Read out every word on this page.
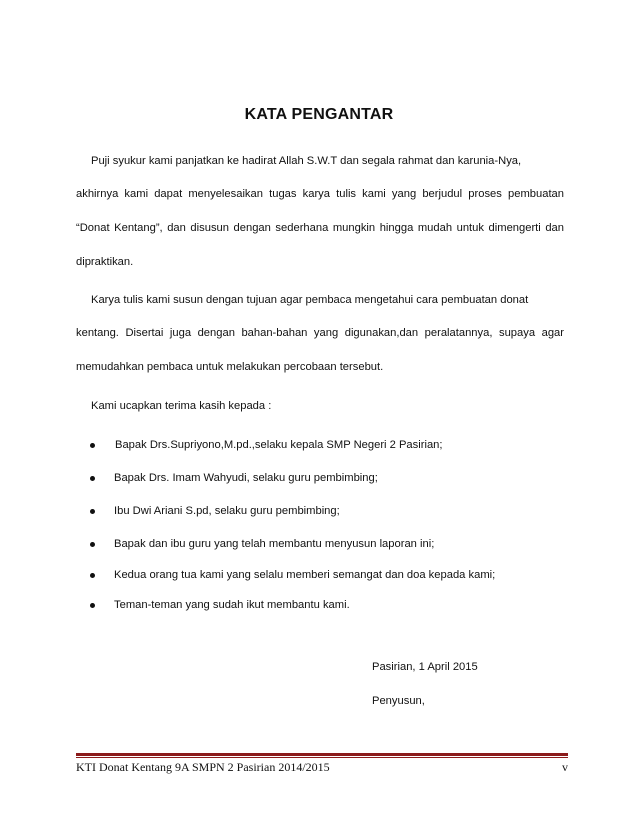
KATA PENGANTAR
Puji syukur kami panjatkan ke hadirat Allah S.W.T dan segala rahmat dan karunia-Nya,
akhirnya kami dapat menyelesaikan tugas karya tulis kami yang berjudul proses pembuatan
“Donat Kentang”, dan disusun dengan sederhana mungkin hingga mudah untuk dimengerti dan
dipraktikan.
Karya tulis kami susun dengan tujuan agar pembaca mengetahui cara pembuatan donat
kentang. Disertai juga dengan bahan-bahan yang digunakan,dan peralatannya, supaya agar
memudahkan pembaca untuk melakukan percobaan tersebut.
Kami ucapkan terima kasih kepada :
Bapak Drs.Supriyono,M.pd.,selaku kepala SMP Negeri 2 Pasirian;
Bapak Drs. Imam Wahyudi, selaku guru pembimbing;
Ibu Dwi Ariani S.pd, selaku guru pembimbing;
Bapak dan ibu guru yang telah membantu menyusun laporan ini;
Kedua orang tua kami yang selalu memberi semangat dan doa kepada kami;
Teman-teman yang sudah ikut membantu kami.
Pasirian, 1 April 2015
Penyusun,
KTI Donat Kentang 9A SMPN 2 Pasirian 2014/2015	v
